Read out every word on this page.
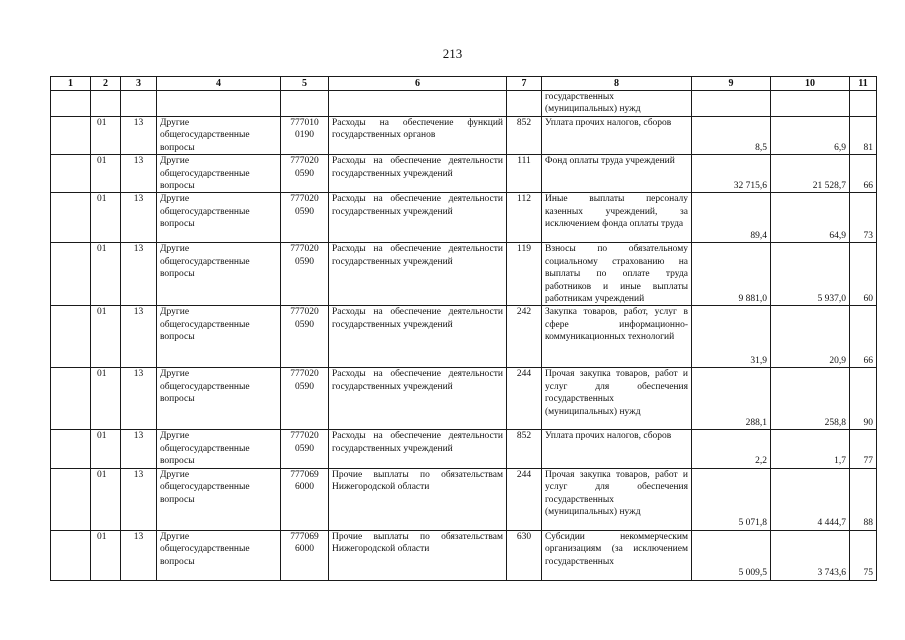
213
1	2	3	4	5	6	7	8	9	10	11
							государственных (муниципальных) нужд			
	01	13	Другие общегосударственные вопросы	777010 0190	Расходы на обеспечение функций государственных органов	852	Уплата прочих налогов, сборов	8,5	6,9	81
	01	13	Другие общегосударственные вопросы	777020 0590	Расходы на обеспечение деятельности государственных учреждений	111	Фонд оплаты труда учреждений	32 715,6	21 528,7	66
	01	13	Другие общегосударственные вопросы	777020 0590	Расходы на обеспечение деятельности государственных учреждений	112	Иные выплаты персоналу казенных учреждений, за исключением фонда оплаты труда	89,4	64,9	73
	01	13	Другие общегосударственные вопросы	777020 0590	Расходы на обеспечение деятельности государственных учреждений	119	Взносы по обязательному социальному страхованию на выплаты по оплате труда работников и иные выплаты работникам учреждений	9 881,0	5 937,0	60
	01	13	Другие общегосударственные вопросы	777020 0590	Расходы на обеспечение деятельности государственных учреждений	242	Закупка товаров, работ, услуг в сфере информационно-коммуникационных технологий	31,9	20,9	66
	01	13	Другие общегосударственные вопросы	777020 0590	Расходы на обеспечение деятельности государственных учреждений	244	Прочая закупка товаров, работ и услуг для обеспечения государственных (муниципальных) нужд	288,1	258,8	90
	01	13	Другие общегосударственные вопросы	777020 0590	Расходы на обеспечение деятельности государственных учреждений	852	Уплата прочих налогов, сборов	2,2	1,7	77
	01	13	Другие общегосударственные вопросы	777069 6000	Прочие выплаты по обязательствам Нижегородской области	244	Прочая закупка товаров, работ и услуг для обеспечения государственных (муниципальных) нужд	5 071,8	4 444,7	88
	01	13	Другие общегосударственные вопросы	777069 6000	Прочие выплаты по обязательствам Нижегородской области	630	Субсидии некоммерческим организациям (за исключением государственных	5 009,5	3 743,6	75
